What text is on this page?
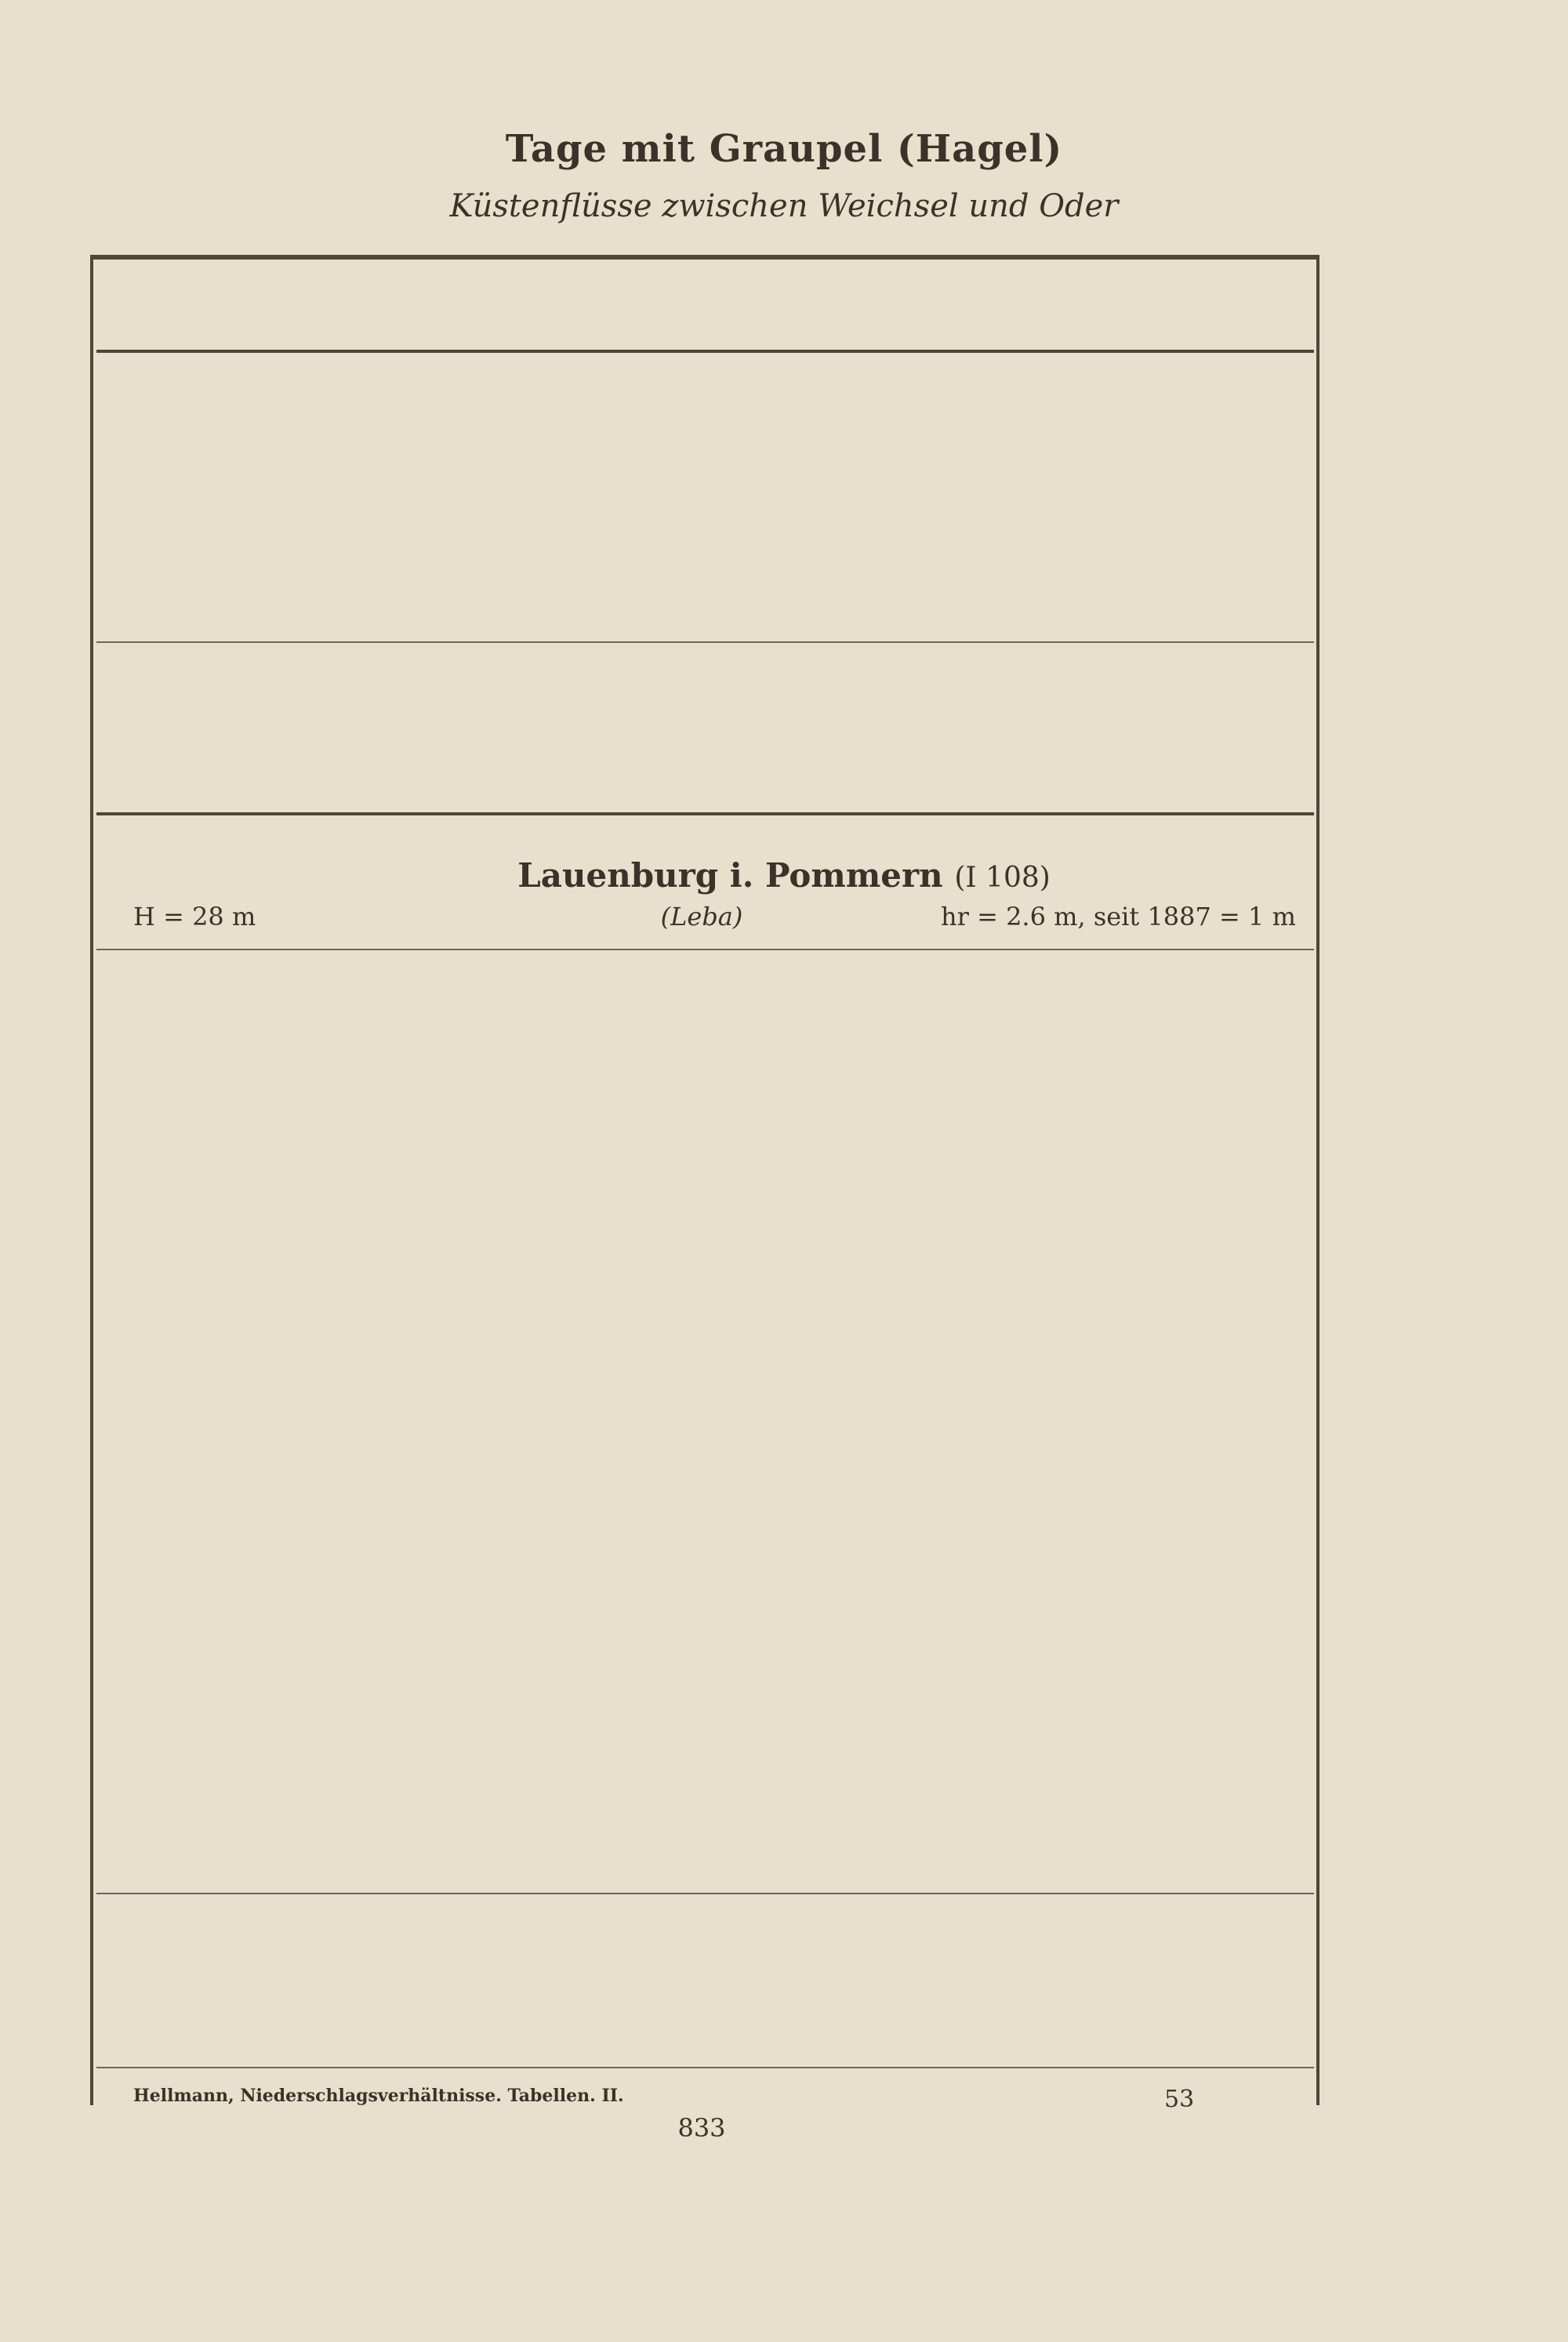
Tage mit Graupel (Hagel)
Küstenflüsse zwischen Weichsel und Oder
Lauenburg i. Pommern (I 108)
H = 28 m	(Leba)	hr = 2.6 m, seit 1887 = 1 m
Hellmann, Niederschlagsverhältnisse. Tabellen. II.	53
833
